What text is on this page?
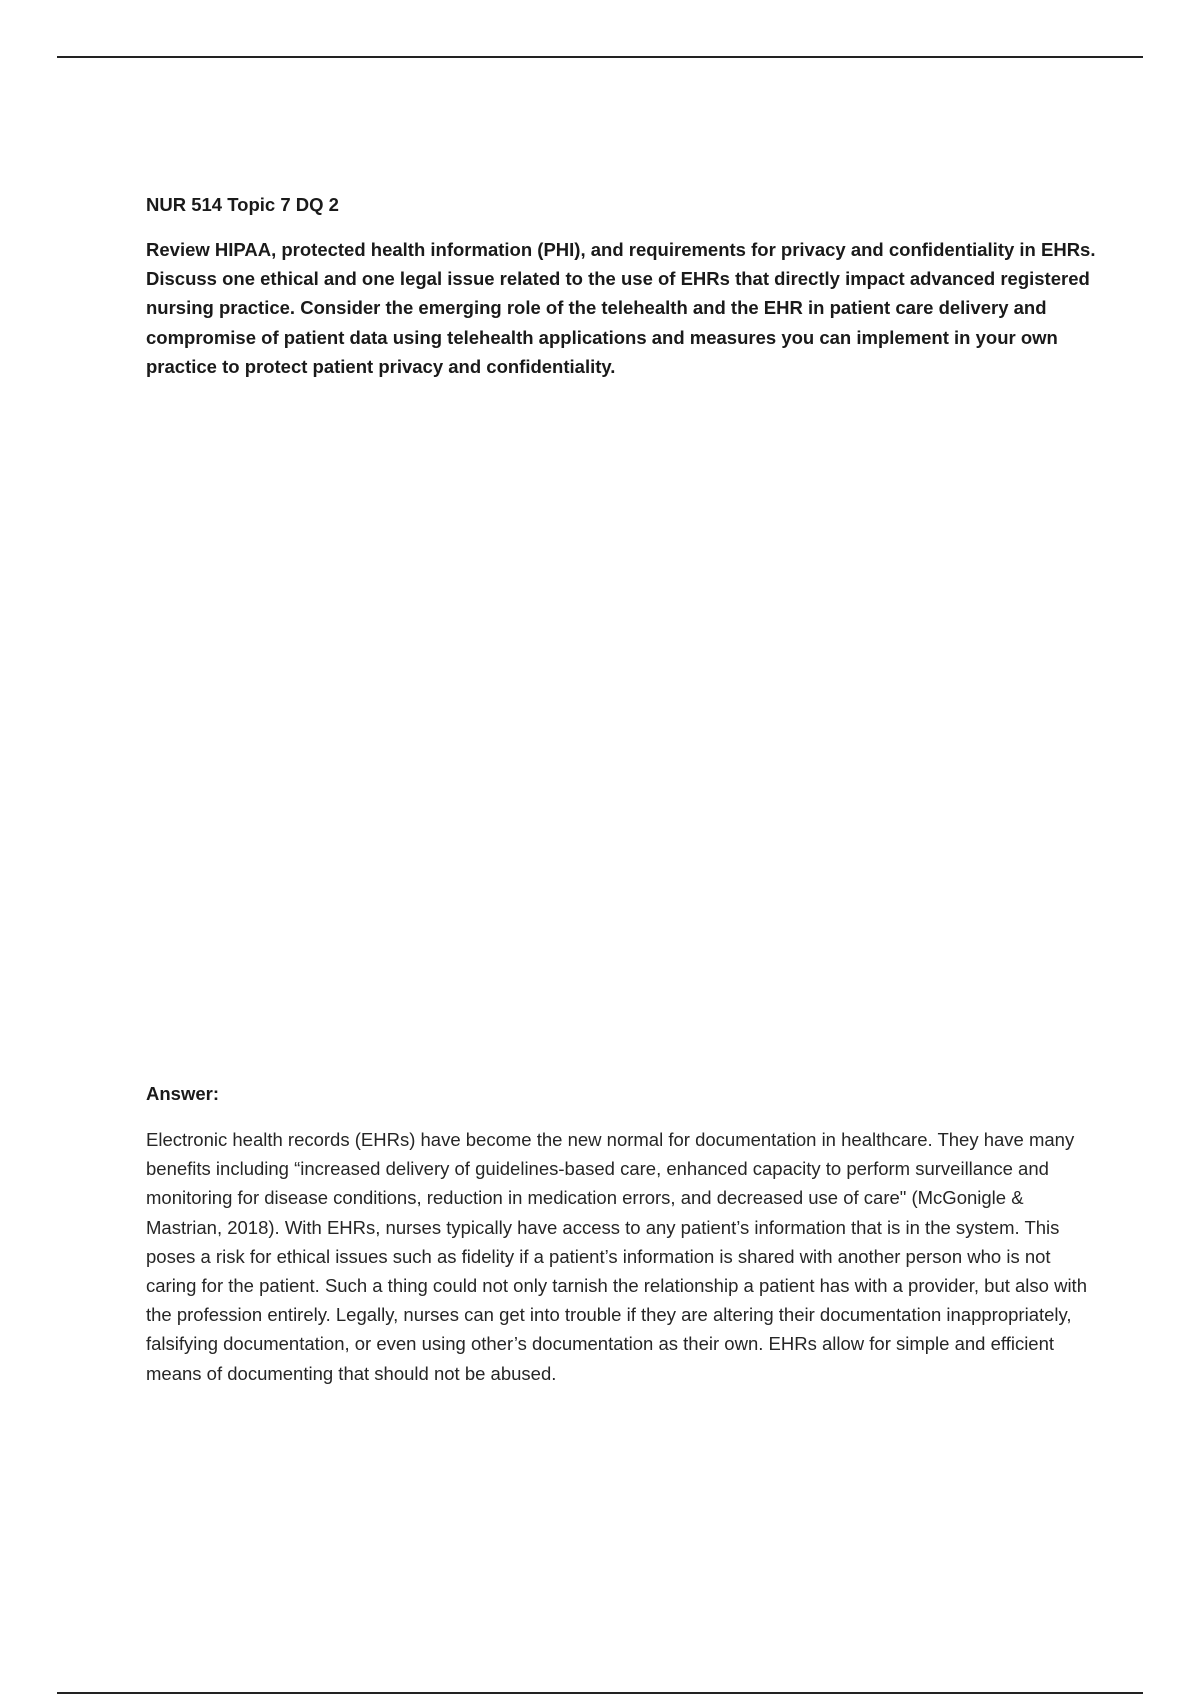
NUR 514 Topic 7 DQ 2

Review HIPAA, protected health information (PHI), and requirements for privacy and confidentiality in EHRs. Discuss one ethical and one legal issue related to the use of EHRs that directly impact advanced registered nursing practice. Consider the emerging role of the telehealth and the EHR in patient care delivery and compromise of patient data using telehealth applications and measures you can implement in your own practice to protect patient privacy and confidentiality.

Answer:

Electronic health records (EHRs) have become the new normal for documentation in healthcare. They have many benefits including “increased delivery of guidelines-based care, enhanced capacity to perform surveillance and monitoring for disease conditions, reduction in medication errors, and decreased use of care" (McGonigle & Mastrian, 2018). With EHRs, nurses typically have access to any patient’s information that is in the system. This poses a risk for ethical issues such as fidelity if a patient’s information is shared with another person who is not caring for the patient. Such a thing could not only tarnish the relationship a patient has with a provider, but also with the profession entirely. Legally, nurses can get into trouble if they are altering their documentation inappropriately, falsifying documentation, or even using other’s documentation as their own. EHRs allow for simple and efficient means of documenting that should not be abused.
